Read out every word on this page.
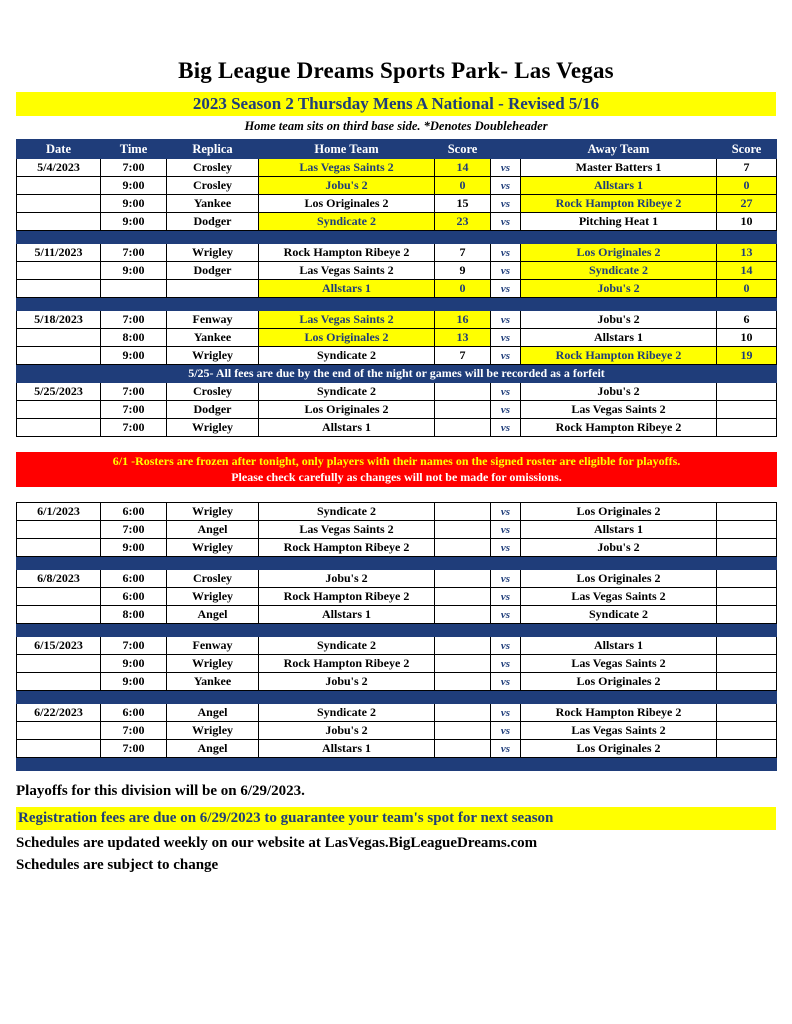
Big League Dreams Sports Park- Las Vegas
2023 Season 2 Thursday Mens A National - Revised 5/16
Home team sits on third base side. *Denotes Doubleheader
Date	Time	Replica	Home Team	Score		Away Team	Score
5/4/2023	7:00	Crosley	Las Vegas Saints 2	14	vs	Master Batters 1	7
	9:00	Crosley	Jobu's 2	0	vs	Allstars 1	0
	9:00	Yankee	Los Originales 2	15	vs	Rock Hampton Ribeye 2	27
	9:00	Dodger	Syndicate 2	23	vs	Pitching Heat 1	10

5/11/2023	7:00	Wrigley	Rock Hampton Ribeye 2	7	vs	Los Originales 2	13
	9:00	Dodger	Las Vegas Saints 2	9	vs	Syndicate 2	14
			Allstars 1	0	vs	Jobu's 2	0

5/18/2023	7:00	Fenway	Las Vegas Saints 2	16	vs	Jobu's 2	6
	8:00	Yankee	Los Originales 2	13	vs	Allstars 1	10
	9:00	Wrigley	Syndicate 2	7	vs	Rock Hampton Ribeye 2	19
5/25- All fees are due by the end of the night or games will be recorded as a forfeit							
5/25/2023	7:00	Crosley	Syndicate 2		vs	Jobu's 2	
	7:00	Dodger	Los Originales 2		vs	Las Vegas Saints 2	
	7:00	Wrigley	Allstars 1		vs	Rock Hampton Ribeye 2	

6/1 -Rosters are frozen after tonight, only players with their names on the signed roster are eligible for playoffs.							
Please check carefully as changes will not be made for omissions.							

6/1/2023	6:00	Wrigley	Syndicate 2		vs	Los Originales 2	
	7:00	Angel	Las Vegas Saints 2		vs	Allstars 1	
	9:00	Wrigley	Rock Hampton Ribeye 2		vs	Jobu's 2	

6/8/2023	6:00	Crosley	Jobu's 2		vs	Los Originales 2	
	6:00	Wrigley	Rock Hampton Ribeye 2		vs	Las Vegas Saints 2	
	8:00	Angel	Allstars 1		vs	Syndicate 2	

6/15/2023	7:00	Fenway	Syndicate 2		vs	Allstars 1	
	9:00	Wrigley	Rock Hampton Ribeye 2		vs	Las Vegas Saints 2	
	9:00	Yankee	Jobu's 2		vs	Los Originales 2	

6/22/2023	6:00	Angel	Syndicate 2		vs	Rock Hampton Ribeye 2	
	7:00	Wrigley	Jobu's 2		vs	Las Vegas Saints 2	
	7:00	Angel	Allstars 1		vs	Los Originales 2	

Playoffs for this division will be on 6/29/2023.
Registration fees are due on 6/29/2023 to guarantee your team's spot for next season
Schedules are updated weekly on our website at LasVegas.BigLeagueDreams.com
Schedules are subject to change
